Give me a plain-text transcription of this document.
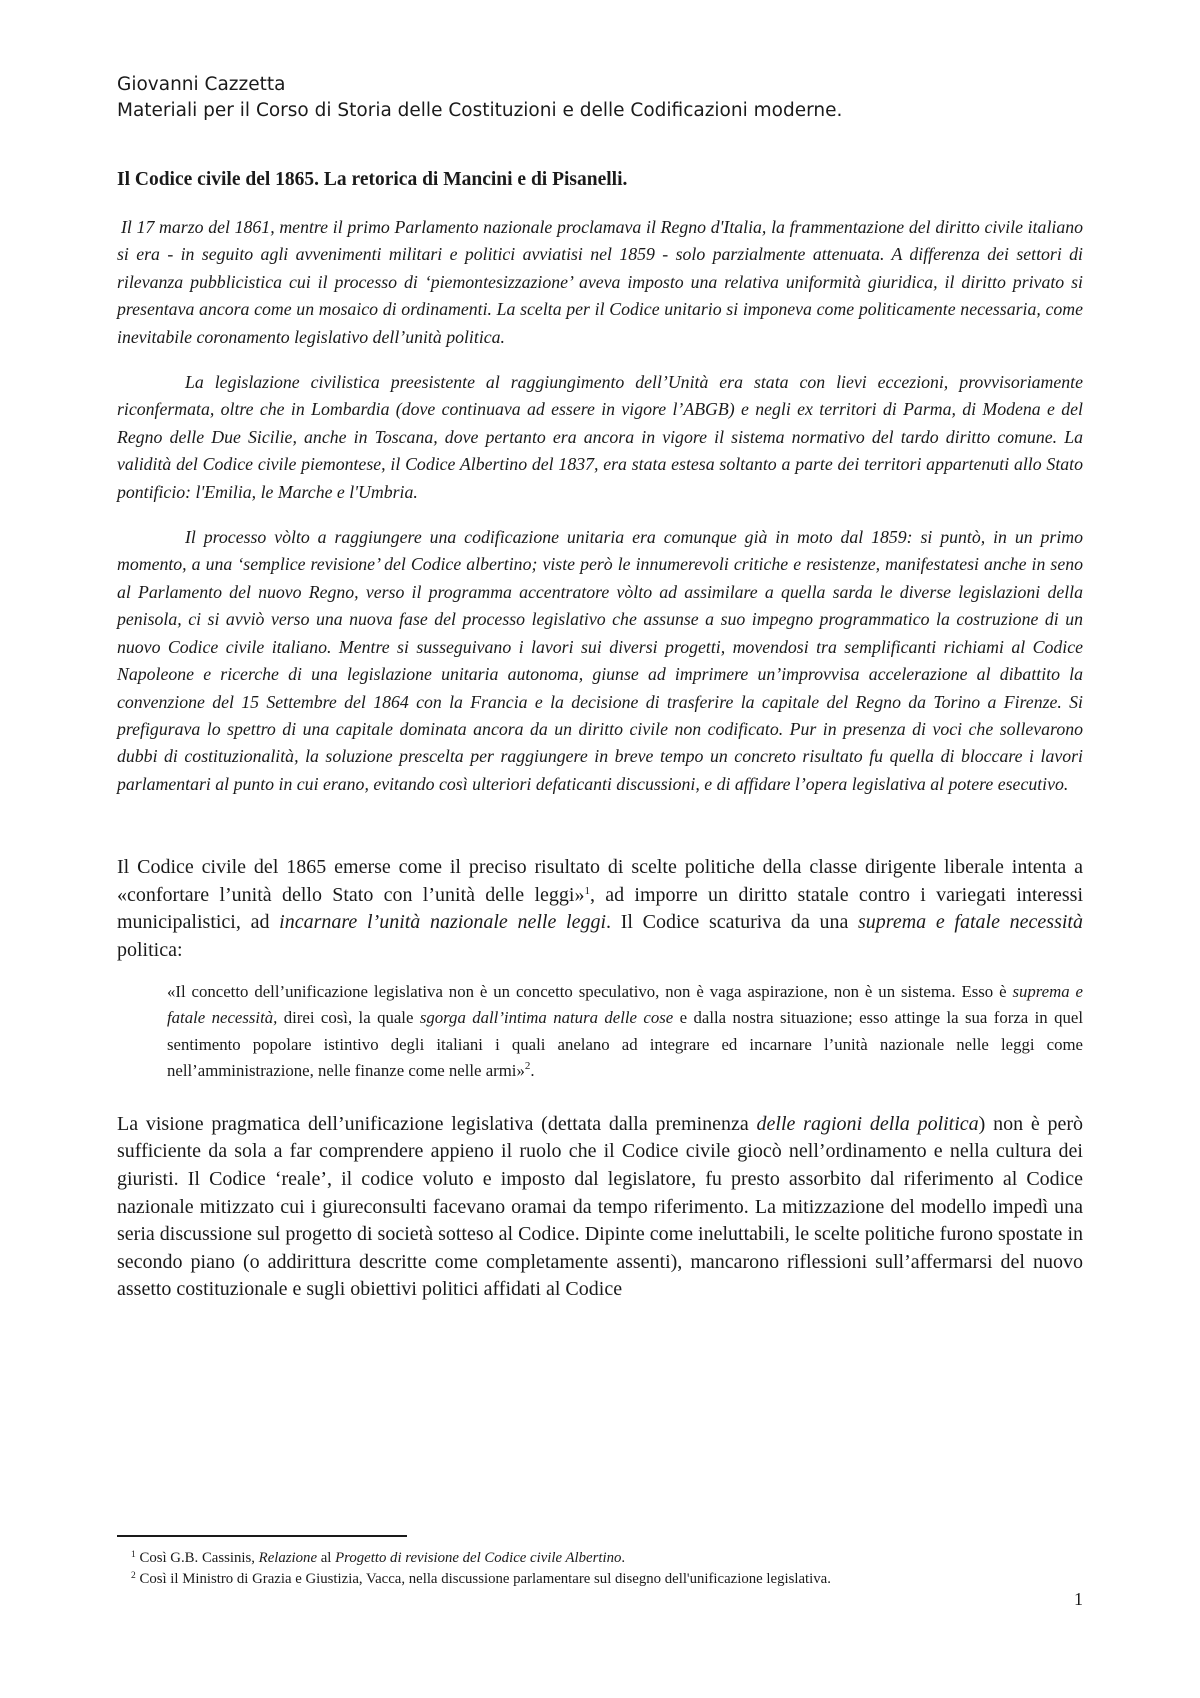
Giovanni Cazzetta

Materiali per il Corso di Storia delle Costituzioni e delle Codificazioni moderne.

Il Codice civile del 1865. La retorica di Mancini e di Pisanelli.

Il 17 marzo del 1861, mentre il primo Parlamento nazionale proclamava il Regno d'Italia, la frammentazione del diritto civile italiano si era - in seguito agli avvenimenti militari e politici avviatisi nel 1859 - solo parzialmente attenuata. A differenza dei settori di rilevanza pubblicistica cui il processo di ‘piemontesizzazione’ aveva imposto una relativa uniformità giuridica, il diritto privato si presentava ancora come un mosaico di ordinamenti. La scelta per il Codice unitario si imponeva come politicamente necessaria, come inevitabile coronamento legislativo dell’unità politica.

La legislazione civilistica preesistente al raggiungimento dell’Unità era stata con lievi eccezioni, provvisoriamente riconfermata, oltre che in Lombardia (dove continuava ad essere in vigore l’ABGB) e negli ex territori di Parma, di Modena e del Regno delle Due Sicilie, anche in Toscana, dove pertanto era ancora in vigore il sistema normativo del tardo diritto comune. La validità del Codice civile piemontese, il Codice Albertino del 1837, era stata estesa soltanto a parte dei territori appartenuti allo Stato pontificio: l'Emilia, le Marche e l'Umbria.

Il processo vòlto a raggiungere una codificazione unitaria era comunque già in moto dal 1859: si puntò, in un primo momento, a una ‘semplice revisione’ del Codice albertino; viste però le innumerevoli critiche e resistenze, manifestatesi anche in seno al Parlamento del nuovo Regno, verso il programma accentratore vòlto ad assimilare a quella sarda le diverse legislazioni della penisola, ci si avviò verso una nuova fase del processo legislativo che assunse a suo impegno programmatico la costruzione di un nuovo Codice civile italiano. Mentre si susseguivano i lavori sui diversi progetti, movendosi tra semplificanti richiami al Codice Napoleone e ricerche di una legislazione unitaria autonoma, giunse ad imprimere un’improvvisa accelerazione al dibattito la convenzione del 15 Settembre del 1864 con la Francia e la decisione di trasferire la capitale del Regno da Torino a Firenze. Si prefigurava lo spettro di una capitale dominata ancora da un diritto civile non codificato. Pur in presenza di voci che sollevarono dubbi di costituzionalità, la soluzione prescelta per raggiungere in breve tempo un concreto risultato fu quella di bloccare i lavori parlamentari al punto in cui erano, evitando così ulteriori defaticanti discussioni, e di affidare l’opera legislativa al potere esecutivo.

Il Codice civile del 1865 emerse come il preciso risultato di scelte politiche della classe dirigente liberale intenta a «confortare l’unità dello Stato con l’unità delle leggi»$^1$, ad imporre un diritto statale contro i variegati interessi municipalistici, ad incarnare l’unità nazionale nelle leggi. Il Codice scaturiva da una suprema e fatale necessità politica:

«Il concetto dell’unificazione legislativa non è un concetto speculativo, non è vaga aspirazione, non è un sistema. Esso è suprema e fatale necessità, direi così, la quale sgorga dall’intima natura delle cose e dalla nostra situazione; esso attinge la sua forza in quel sentimento popolare istintivo degli italiani i quali anelano ad integrare ed incarnare l’unità nazionale nelle leggi come nell’amministrazione, nelle finanze come nelle armi»$^2$.

La visione pragmatica dell’unificazione legislativa (dettata dalla preminenza delle ragioni della politica) non è però sufficiente da sola a far comprendere appieno il ruolo che il Codice civile giocò nell’ordinamento e nella cultura dei giuristi. Il Codice ‘reale’, il codice voluto e imposto dal legislatore, fu presto assorbito dal riferimento al Codice nazionale mitizzato cui i giureconsulti facevano oramai da tempo riferimento. La mitizzazione del modello impedì una seria discussione sul progetto di società sotteso al Codice. Dipinte come ineluttabili, le scelte politiche furono spostate in secondo piano (o addirittura descritte come completamente assenti), mancarono riflessioni sull’affermarsi del nuovo assetto costituzionale e sugli obiettivi politici affidati al Codice

$^1$ Così G.B. Cassinis, Relazione al Progetto di revisione del Codice civile Albertino.

$^2$ Così il Ministro di Grazia e Giustizia, Vacca, nella discussione parlamentare sul disegno dell'unificazione legislativa.

1
